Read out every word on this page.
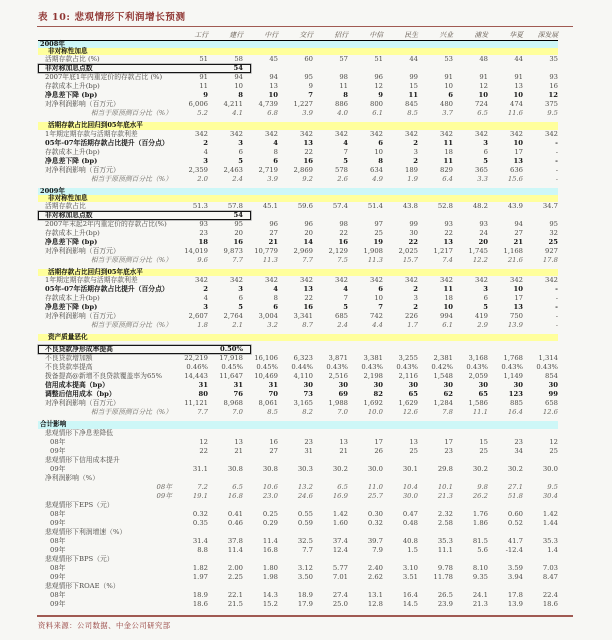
表 10: 悲观情形下利润增长预测
工行	建行	中行	交行	招行	中信	民生	兴业	浦发	华夏	深发展
2008年
非对称性加息
活期存款占比 (%)	51	58	45	60	57	51	44	53	48	44	35
非对称加息点数	54
2007年底1年内重定价的存款占比 (%)	91	94	94	95	98	96	99	91	91	91	93
存款成本上升(bp)	11	10	13	9	11	12	15	10	12	13	16
净息差下降 (bp)	9	8	10	7	8	9	11	6	10	10	12
对净利润影响（百万元）	6,006	4,211	4,739	1,227	886	800	845	480	724	474	375
相当于原预测百分比（%）	5.2	4.1	6.8	3.9	4.0	6.1	8.5	3.7	6.5	11.6	9.5
活期存款占比回归到05年底水平
1年期定期存款与活期存款利差	342	342	342	342	342	342	342	342	342	342	342
05年-07年活期存款占比提升（百分点）	2	3	4	13	4	6	2	11	3	10	-
存款成本上升(bp)	4	6	8	22	7	10	3	18	6	17	-
净息差下降 (bp)	3	5	6	16	5	8	2	11	5	13	-
对净利润影响（百万元）	2,359	2,463	2,719	2,869	578	634	189	829	365	636	-
相当于原预测百分比（%）	2.0	2.4	3.9	9.2	2.6	4.9	1.9	6.4	3.3	15.6	-
2009年
非对称性加息
活期存款占比	51.3	57.8	45.1	59.6	57.4	51.4	43.8	52.8	48.2	43.9	34.7
非对称加息点数	54
2007年末起2年内重定价的存款占比(%)	93	95	96	96	98	97	99	93	93	94	95
存款成本上升(bp)	23	20	27	20	22	25	30	22	24	27	32
净息差下降 (bp)	18	16	21	14	16	19	22	13	20	21	25
对净利润影响（百万元）	14,019	9,873	10,779	2,969	2,129	1,908	2,025	1,217	1,745	1,168	927
相当于原预测百分比（%）	9.6	7.7	11.3	7.7	7.5	11.3	15.7	7.4	12.2	21.6	17.8
活期存款占比回归到05年底水平
1年期定期存款与活期存款利差	342	342	342	342	342	342	342	342	342	342	342
05年-07年活期存款占比提升（百分点）	2	3	4	13	4	6	2	11	3	10	-
存款成本上升(bp)	4	6	8	22	7	10	3	18	6	17	-
净息差下降 (bp)	3	5	6	16	5	7	2	10	5	13	-
对净利润影响（百万元）	2,607	2,764	3,004	3,341	685	742	226	994	419	750	-
相当于原预测百分比（%）	1.8	2.1	3.2	8.7	2.4	4.4	1.7	6.1	2.9	13.9	-
资产质量恶化
不良贷款净形成率提高	0.50%
不良贷款增加额	22,219	17,918	16,106	6,323	3,871	3,381	3,255	2,381	3,168	1,768	1,314
不良贷款率提高	0.46%	0.45%	0.45%	0.44%	0.43%	0.43%	0.43%	0.42%	0.43%	0.43%	0.43%
拨备提高@新增不良贷款覆盖率为65%	14,443	11,647	10,469	4,110	2,516	2,198	2,116	1,548	2,059	1,149	854
信用成本提高（bp）	31	31	31	30	30	30	30	30	30	30	30
调整后信用成本（bp）	80	76	70	73	69	82	65	62	65	123	99
对净利润影响（百万元）	11,121	8,968	8,061	3,165	1,988	1,692	1,629	1,284	1,586	885	658
相当于原预测百分比（%）	7.7	7.0	8.5	8.2	7.0	10.0	12.6	7.8	11.1	16.4	12.6
合计影响
悲观情形下净息差降低
08年	12	13	16	23	13	17	13	17	15	23	12
09年	22	21	27	31	21	26	25	23	25	34	25
悲观情形下信用成本提升
09年	31.1	30.8	30.8	30.3	30.2	30.0	30.1	29.8	30.2	30.2	30.0
净利润影响（%）
08年	7.2	6.5	10.6	13.2	6.5	11.0	10.4	10.1	9.8	27.1	9.5
09年	19.1	16.8	23.0	24.6	16.9	25.7	30.0	21.3	26.2	51.8	30.4
悲观情形下EPS（元）
08年	0.32	0.41	0.25	0.55	1.42	0.30	0.47	2.32	1.76	0.60	1.42
09年	0.35	0.46	0.29	0.59	1.60	0.32	0.48	2.58	1.86	0.52	1.44
悲观情形下利润增速（%）
08年	31.4	37.8	11.4	32.5	37.4	39.7	40.8	35.3	81.5	41.7	35.3
09年	8.8	11.4	16.8	7.7	12.4	7.9	1.5	11.1	5.6	-12.4	1.4
悲观情形下BPS（元）
08年	1.82	2.00	1.80	3.12	5.77	2.40	3.10	9.78	8.10	3.59	7.03
09年	1.97	2.25	1.98	3.50	7.01	2.62	3.51	11.78	9.35	3.94	8.47
悲观情形下ROAE（%）
08年	18.9	22.1	14.3	18.9	27.4	13.1	16.4	26.5	24.1	17.8	22.4
09年	18.6	21.5	15.2	17.9	25.0	12.8	14.5	23.9	21.3	13.9	18.6
资料来源：公司数据、中金公司研究部
